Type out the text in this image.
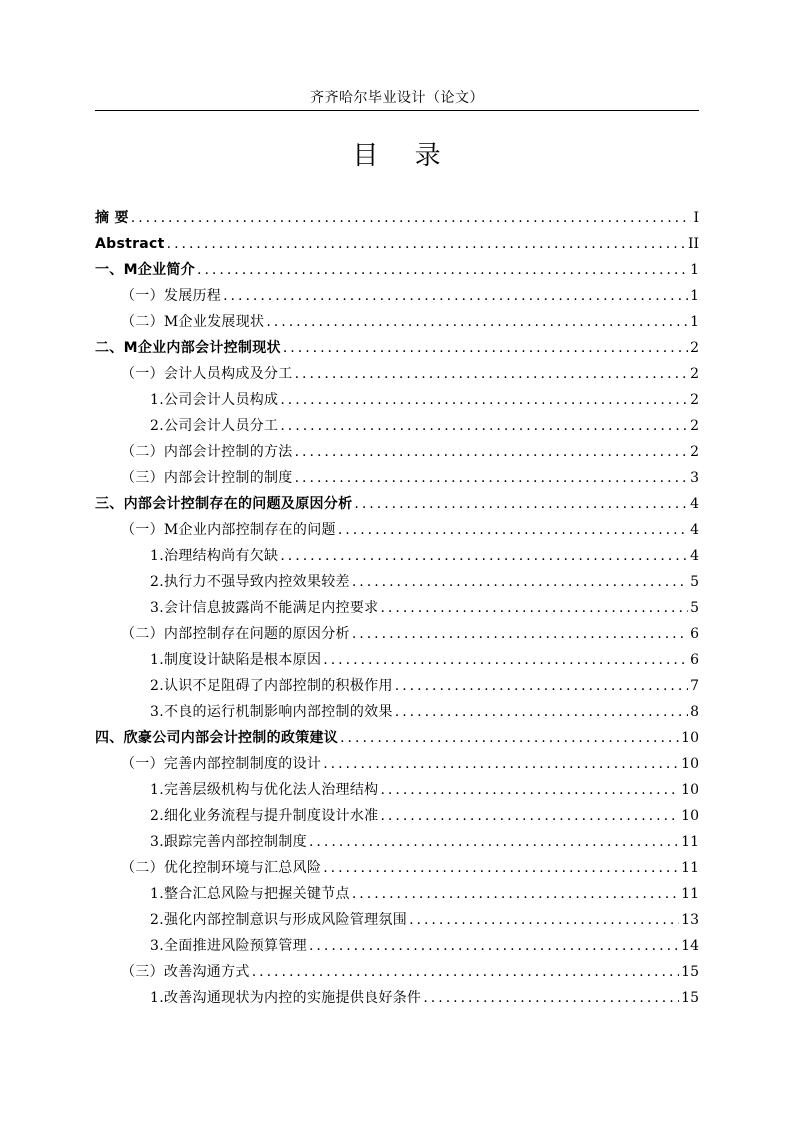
齐齐哈尔毕业设计（论文）
目 录
摘 要 .....	I
Abstract .....	II
一、M企业简介 .....	1
（一）发展历程 .....	1
（二）M企业发展现状 .....	1
二、M企业内部会计控制现状 .....	2
（一）会计人员构成及分工 .....	2
1.公司会计人员构成 .....	2
2.公司会计人员分工 .....	2
（二）内部会计控制的方法 .....	2
（三）内部会计控制的制度 .....	3
三、内部会计控制存在的问题及原因分析 .....	4
（一）M企业内部控制存在的问题 .....	4
1.治理结构尚有欠缺 .....	4
2.执行力不强导致内控效果较差 .....	5
3.会计信息披露尚不能满足内控要求 .....	5
（二）内部控制存在问题的原因分析 .....	6
1.制度设计缺陷是根本原因 .....	6
2.认识不足阻碍了内部控制的积极作用 .....	7
3.不良的运行机制影响内部控制的效果 .....	8
四、欣豪公司内部会计控制的政策建议 .....	10
（一）完善内部控制制度的设计 .....	10
1.完善层级机构与优化法人治理结构 .....	10
2.细化业务流程与提升制度设计水准 .....	10
3.跟踪完善内部控制制度 .....	11
（二）优化控制环境与汇总风险 .....	11
1.整合汇总风险与把握关键节点 .....	11
2.强化内部控制意识与形成风险管理氛围 .....	13
3.全面推进风险预算管理 .....	14
（三）改善沟通方式 .....	15
1.改善沟通现状为内控的实施提供良好条件 .....	15
